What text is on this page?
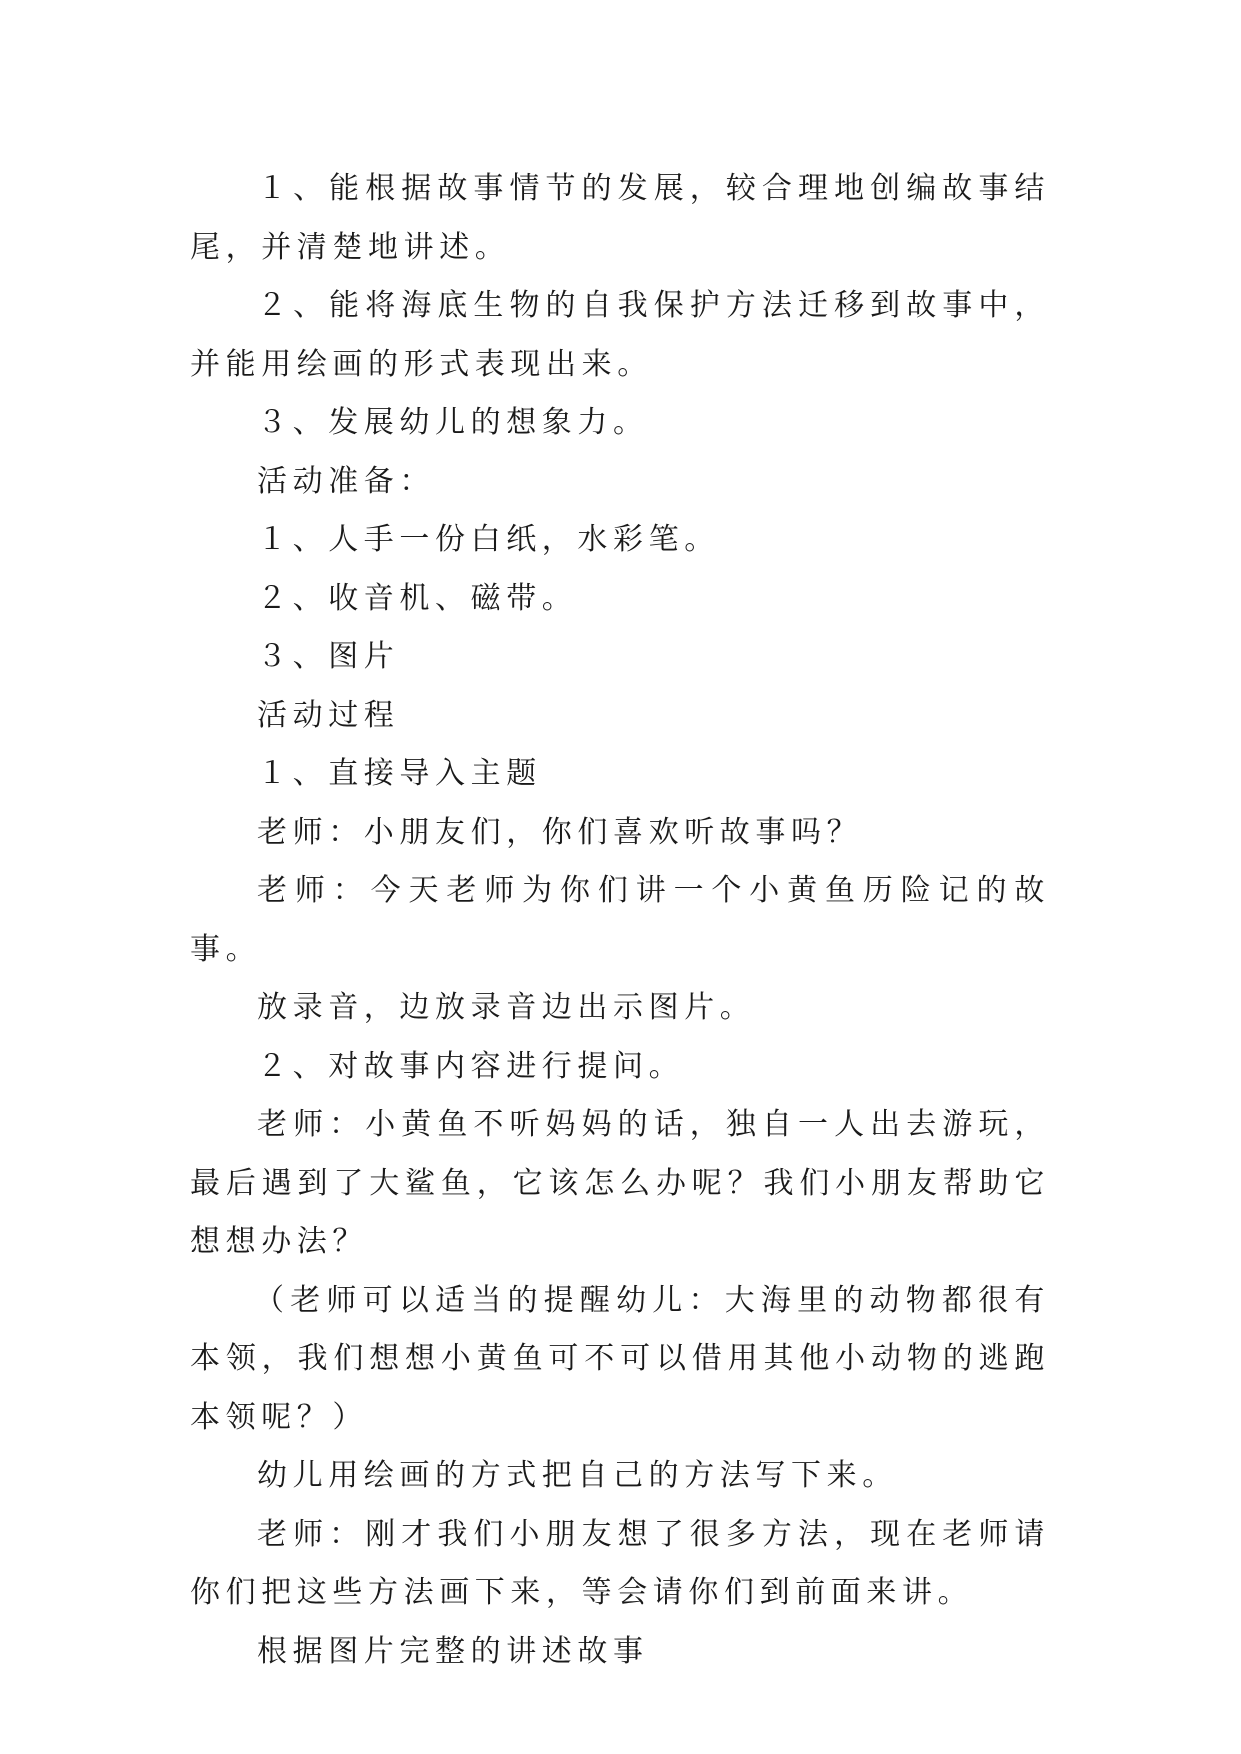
１、能根据故事情节的发展，较合理地创编故事结尾，并清楚地讲述。

２、能将海底生物的自我保护方法迁移到故事中，并能用绘画的形式表现出来。

３、发展幼儿的想象力。

活动准备：

１、人手一份白纸，水彩笔。

２、收音机、磁带。

３、图片

活动过程

１、直接导入主题

老师：小朋友们，你们喜欢听故事吗？

老师：今天老师为你们讲一个小黄鱼历险记的故事。

放录音，边放录音边出示图片。

２、对故事内容进行提问。

老师：小黄鱼不听妈妈的话，独自一人出去游玩，最后遇到了大鲨鱼，它该怎么办呢？我们小朋友帮助它想想办法？

（老师可以适当的提醒幼儿：大海里的动物都很有本领，我们想想小黄鱼可不可以借用其他小动物的逃跑本领呢？）

幼儿用绘画的方式把自己的方法写下来。

老师：刚才我们小朋友想了很多方法，现在老师请你们把这些方法画下来，等会请你们到前面来讲。

根据图片完整的讲述故事
